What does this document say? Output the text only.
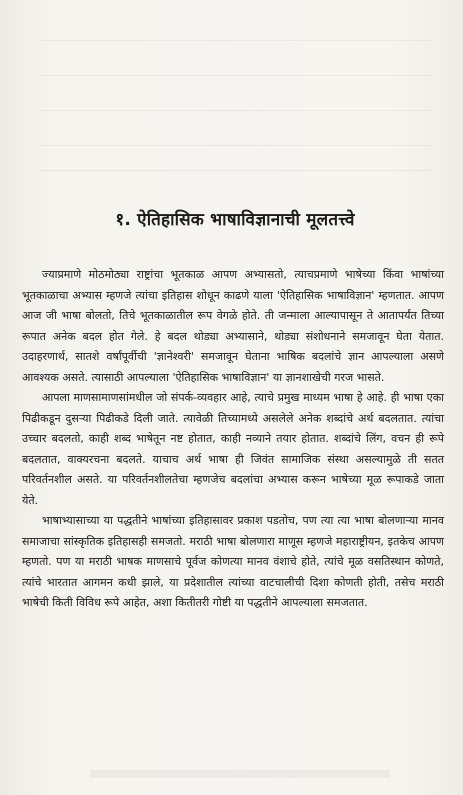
१. ऐतिहासिक भाषाविज्ञानाची मूलतत्त्वे

ज्याप्रमाणे मोठमोठ्या राष्ट्रांचा भूतकाळ आपण अभ्यासतो, त्याचप्रमाणे भाषेच्या किंवा भाषांच्या भूतकाळाचा अभ्यास म्हणजे त्यांचा इतिहास शोधून काढणे याला 'ऐतिहासिक भाषाविज्ञान' म्हणतात. आपण आज जी भाषा बोलतो, तिचे भूतकाळातील रूप वेगळे होते. ती जन्माला आल्यापासून ते आतापर्यंत तिच्या रूपात अनेक बदल होत गेले. हे बदल थोड्या अभ्यासाने, थोड्या संशोधनाने समजावून घेता येतात. उदाहरणार्थ, सातशे वर्षांपूर्वीची 'ज्ञानेश्वरी' समजावून घेताना भाषिक बदलांचे ज्ञान आपल्याला असणे आवश्यक असते. त्यासाठी आपल्याला 'ऐतिहासिक भाषाविज्ञान' या ज्ञानशाखेची गरज भासते.

आपला माणसामाणसांमधील जो संपर्क-व्यवहार आहे, त्याचे प्रमुख माध्यम भाषा हे आहे. ही भाषा एका पिढीकडून दुसऱ्या पिढीकडे दिली जाते. त्यावेळी तिच्यामध्ये असलेले अनेक शब्दांचे अर्थ बदलतात. त्यांचा उच्चार बदलतो, काही शब्द भाषेतून नष्ट होतात, काही नव्याने तयार होतात. शब्दांचे लिंग, वचन ही रूपे बदलतात, वाक्यरचना बदलते. याचाच अर्थ भाषा ही जिवंत सामाजिक संस्था असल्यामुळे ती सतत परिवर्तनशील असते. या परिवर्तनशीलतेचा म्हणजेच बदलांचा अभ्यास करून भाषेच्या मूळ रूपाकडे जाता येते.

भाषाभ्यासाच्या या पद्धतीने भाषांच्या इतिहासावर प्रकाश पडतोच, पण त्या त्या भाषा बोलणाऱ्या मानव समाजाचा सांस्कृतिक इतिहासही समजतो. मराठी भाषा बोलणारा माणूस म्हणजे महाराष्ट्रीयन, इतकेच आपण म्हणतो. पण या मराठी भाषक माणसाचे पूर्वज कोणत्या मानव वंशाचे होते, त्यांचे मूळ वसतिस्थान कोणते, त्यांचे भारतात आगमन कधी झाले, या प्रदेशातील त्यांच्या वाटचालीची दिशा कोणती होती, तसेच मराठी भाषेची किती विविध रूपे आहेत, अशा कितीतरी गोष्टी या पद्धतीने आपल्याला समजतात.
